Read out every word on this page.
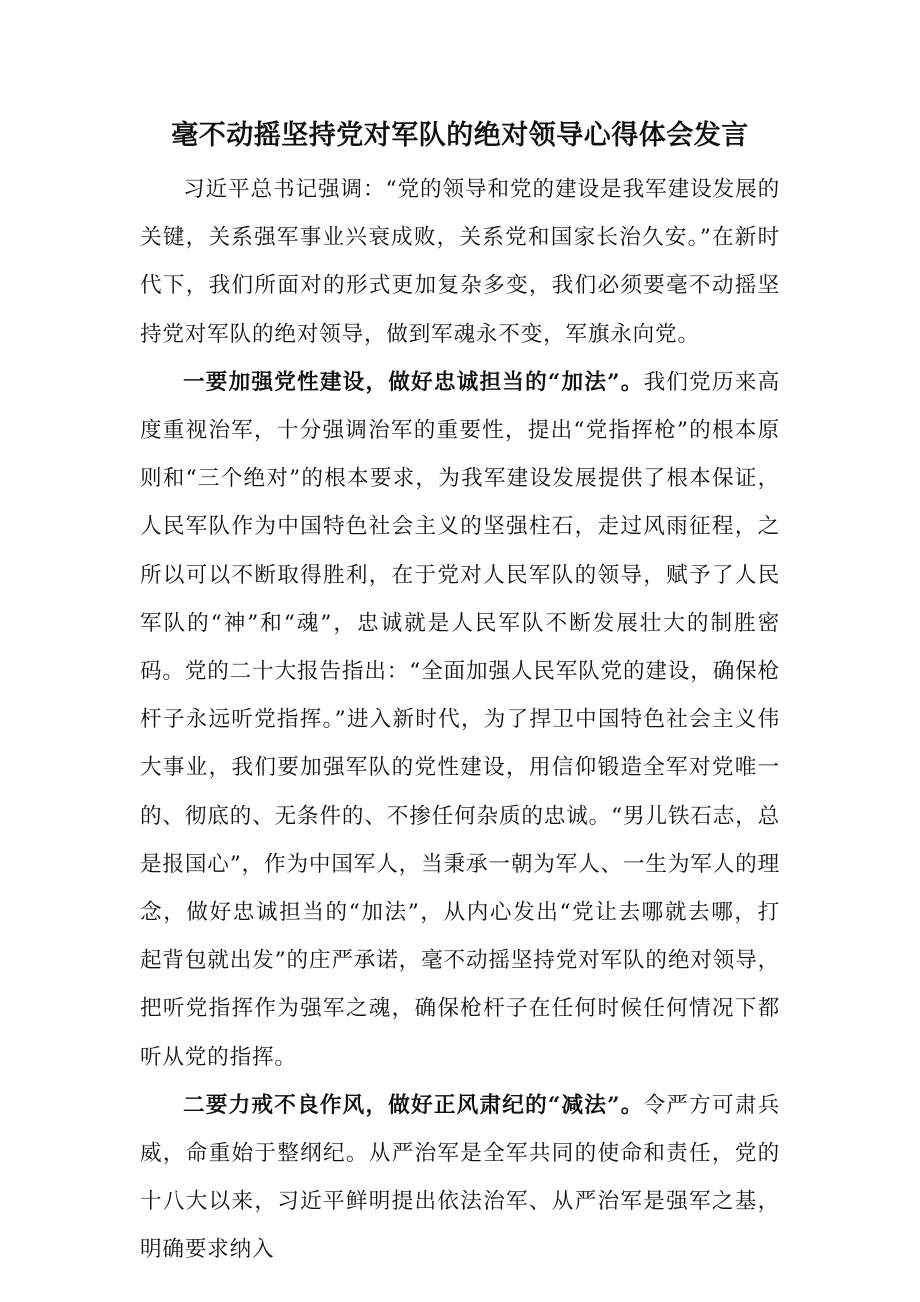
毫不动摇坚持党对军队的绝对领导心得体会发言

习近平总书记强调：“党的领导和党的建设是我军建设发展的关键，关系强军事业兴衰成败，关系党和国家长治久安。”在新时代下，我们所面对的形式更加复杂多变，我们必须要毫不动摇坚持党对军队的绝对领导，做到军魂永不变，军旗永向党。

一要加强党性建设，做好忠诚担当的“加法”。我们党历来高度重视治军，十分强调治军的重要性，提出“党指挥枪”的根本原则和“三个绝对”的根本要求，为我军建设发展提供了根本保证，人民军队作为中国特色社会主义的坚强柱石，走过风雨征程，之所以可以不断取得胜利，在于党对人民军队的领导，赋予了人民军队的“神”和“魂”，忠诚就是人民军队不断发展壮大的制胜密码。党的二十大报告指出：“全面加强人民军队党的建设，确保枪杆子永远听党指挥。”进入新时代，为了捍卫中国特色社会主义伟大事业，我们要加强军队的党性建设，用信仰锻造全军对党唯一的、彻底的、无条件的、不掺任何杂质的忠诚。“男儿铁石志，总是报国心”，作为中国军人，当秉承一朝为军人、一生为军人的理念，做好忠诚担当的“加法”，从内心发出“党让去哪就去哪，打起背包就出发”的庄严承诺，毫不动摇坚持党对军队的绝对领导，把听党指挥作为强军之魂，确保枪杆子在任何时候任何情况下都听从党的指挥。

二要力戒不良作风，做好正风肃纪的“减法”。令严方可肃兵威，命重始于整纲纪。从严治军是全军共同的使命和责任，党的十八大以来，习近平鲜明提出依法治军、从严治军是强军之基，明确要求纳入
